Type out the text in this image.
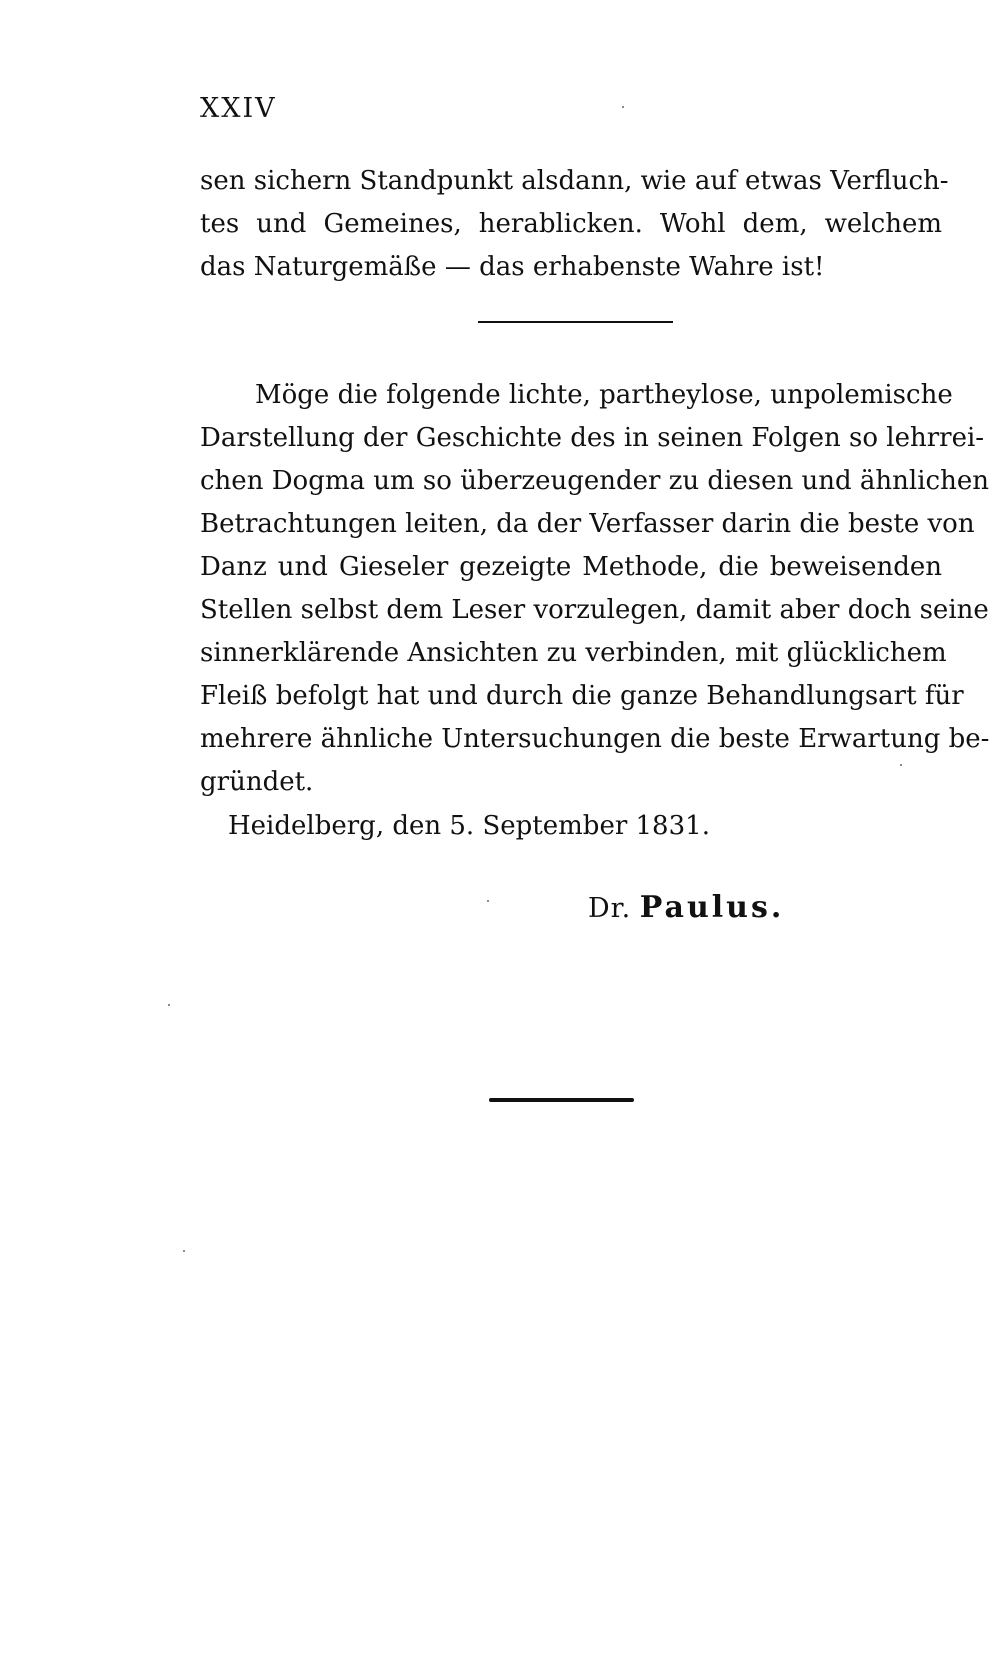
XXIV
sen sichern Standpunkt alsdann, wie auf etwas Verfluch-
tes und Gemeines, herablicken. Wohl dem, welchem
das Naturgemäße — das erhabenste Wahre ist!
Möge die folgende lichte, partheylose, unpolemische
Darstellung der Geschichte des in seinen Folgen so lehrrei-
chen Dogma um so überzeugender zu diesen und ähnlichen
Betrachtungen leiten, da der Verfasser darin die beste von
Danz und Gieseler gezeigte Methode, die beweisenden
Stellen selbst dem Leser vorzulegen, damit aber doch seine
sinnerklärende Ansichten zu verbinden, mit glücklichem
Fleiß befolgt hat und durch die ganze Behandlungsart für
mehrere ähnliche Untersuchungen die beste Erwartung be-
gründet.
Heidelberg, den 5. September 1831.
Dr. Paulus.
